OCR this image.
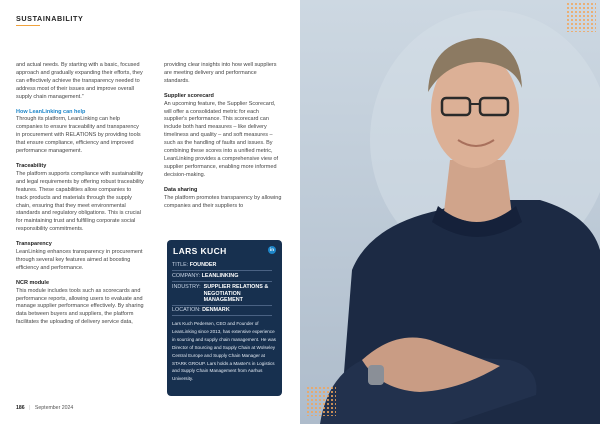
SUSTAINABILITY

and actual needs. By starting with a basic, focused approach and gradually expanding their efforts, they can effectively achieve the transparency needed to address most of their issues and improve overall supply chain management.”

How LeanLinking can help

Through its platform, LeanLinking can help companies to ensure traceability and transparency in procurement with RELATIONS by providing tools that ensure compliance, efficiency and improved performance management.

Traceability

The platform supports compliance with sustainability and legal requirements by offering robust traceability features. These capabilities allow companies to track products and materials through the supply chain, ensuring that they meet environmental standards and regulatory obligations. This is crucial for maintaining trust and fulfilling corporate social responsibility commitments.

Transparency

LeanLinking enhances transparency in procurement through several key features aimed at boosting efficiency and performance.

NCR module

This module includes tools such as scorecards and performance reports, allowing users to evaluate and manage supplier performance effectively. By sharing data between buyers and suppliers, the platform facilitates the uploading of delivery service data,

providing clear insights into how well suppliers are meeting delivery and performance standards.

Supplier scorecard

An upcoming feature, the Supplier Scorecard, will offer a consolidated metric for each supplier's performance. This scorecard can include both hard measures – like delivery timeliness and quality – and soft measures – such as the handling of faults and issues. By combining these scores into a unified metric, LeanLinking provides a comprehensive view of supplier performance, enabling more informed decision-making.

Data sharing

The platform promotes transparency by allowing companies and their suppliers to

LARS KUCH	in
TITLE: FOUNDER
COMPANY: LEANLINKING
INDUSTRY: SUPPLIER RELATIONS & NEGOTIATION MANAGEMENT
LOCATION: DENMARK
Lars Kuch Pedersen, CEO and Founder of LeanLinking since 2013, has extensive experience in sourcing and supply chain management. He was Director of Sourcing and Supply Chain at Wolseley Central Europe and Supply Chain Manager at STARK GROUP. Lars holds a Master's in Logistics and Supply Chain Management from Aarhus University.
186 | September 2024
